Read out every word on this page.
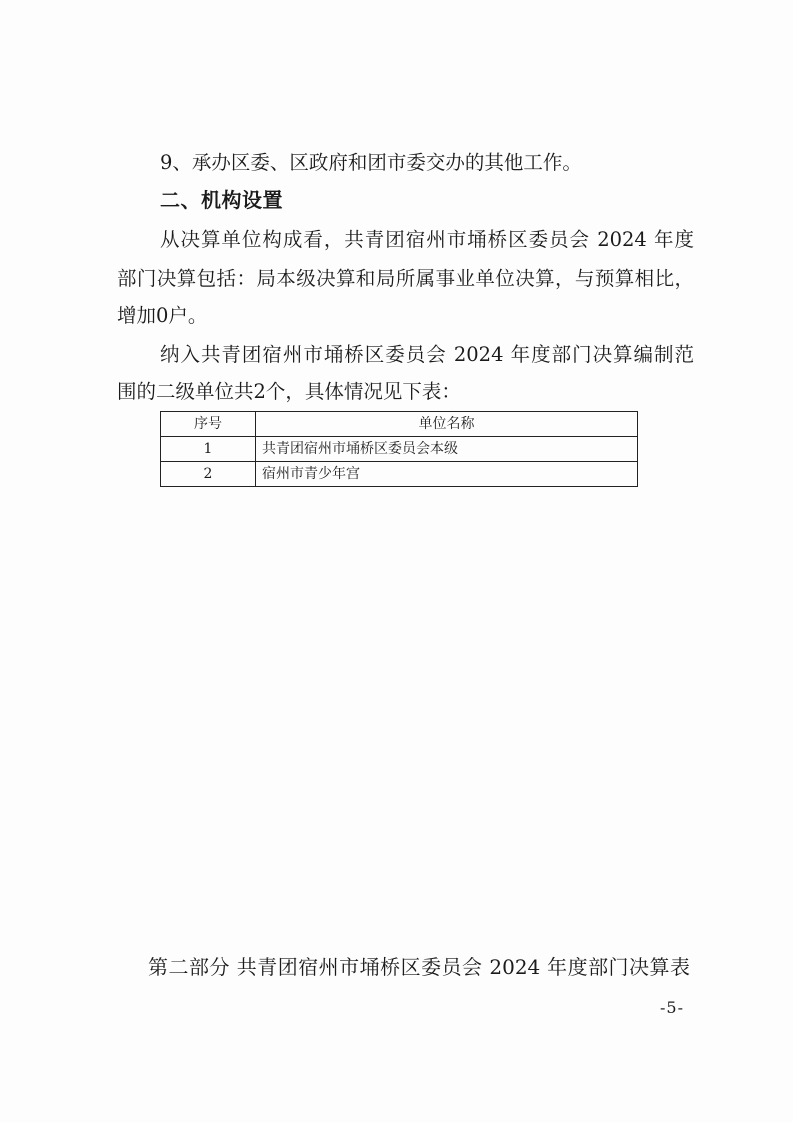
9、承办区委、区政府和团市委交办的其他工作。
二、机构设置
从决算单位构成看，共青团宿州市埇桥区委员会 2024 年度
部门决算包括：局本级决算和局所属事业单位决算，与预算相比，
增加0户。
纳入共青团宿州市埇桥区委员会 2024 年度部门决算编制范
围的二级单位共2个，具体情况见下表：
序号	单位名称
1	共青团宿州市埇桥区委员会本级
2	宿州市青少年宫
第二部分 共青团宿州市埇桥区委员会 2024 年度部门决算表
-5-
